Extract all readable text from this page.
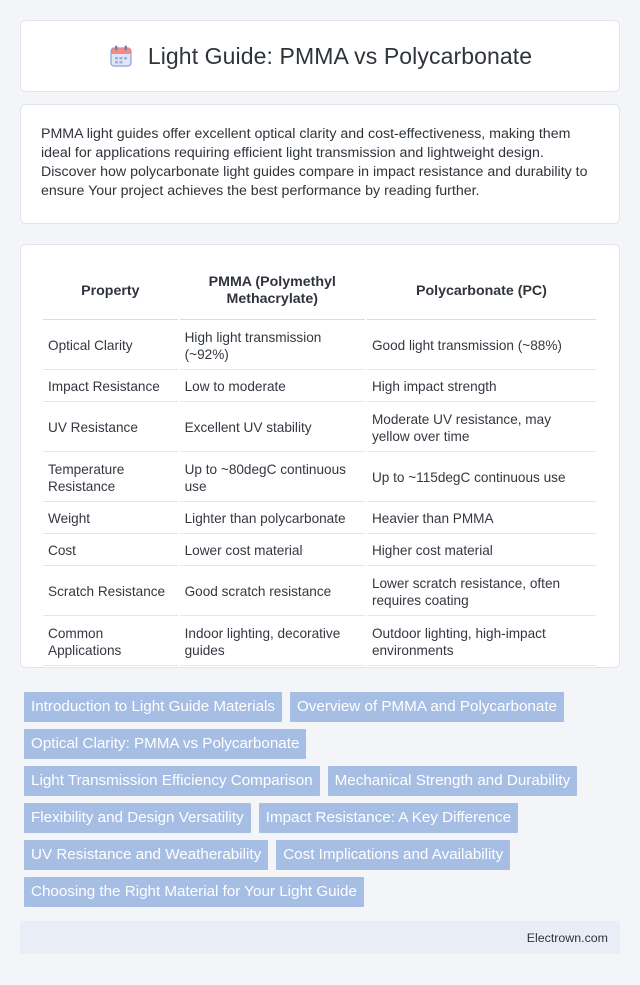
Light Guide: PMMA vs Polycarbonate

PMMA light guides offer excellent optical clarity and cost-effectiveness, making them ideal for applications requiring efficient light transmission and lightweight design. Discover how polycarbonate light guides compare in impact resistance and durability to ensure Your project achieves the best performance by reading further.

Property	PMMA (Polymethyl Methacrylate)	Polycarbonate (PC)
Optical Clarity	High light transmission (~92%)	Good light transmission (~88%)
Impact Resistance	Low to moderate	High impact strength
UV Resistance	Excellent UV stability	Moderate UV resistance, may yellow over time
Temperature Resistance	Up to ~80degC continuous use	Up to ~115degC continuous use
Weight	Lighter than polycarbonate	Heavier than PMMA
Cost	Lower cost material	Higher cost material
Scratch Resistance	Good scratch resistance	Lower scratch resistance, often requires coating
Common Applications	Indoor lighting, decorative guides	Outdoor lighting, high-impact environments
Introduction to Light Guide Materials	Overview of PMMA and Polycarbonate
Optical Clarity: PMMA vs Polycarbonate
Light Transmission Efficiency Comparison	Mechanical Strength and Durability
Flexibility and Design Versatility	Impact Resistance: A Key Difference
UV Resistance and Weatherability	Cost Implications and Availability
Choosing the Right Material for Your Light Guide
Electrown.com
